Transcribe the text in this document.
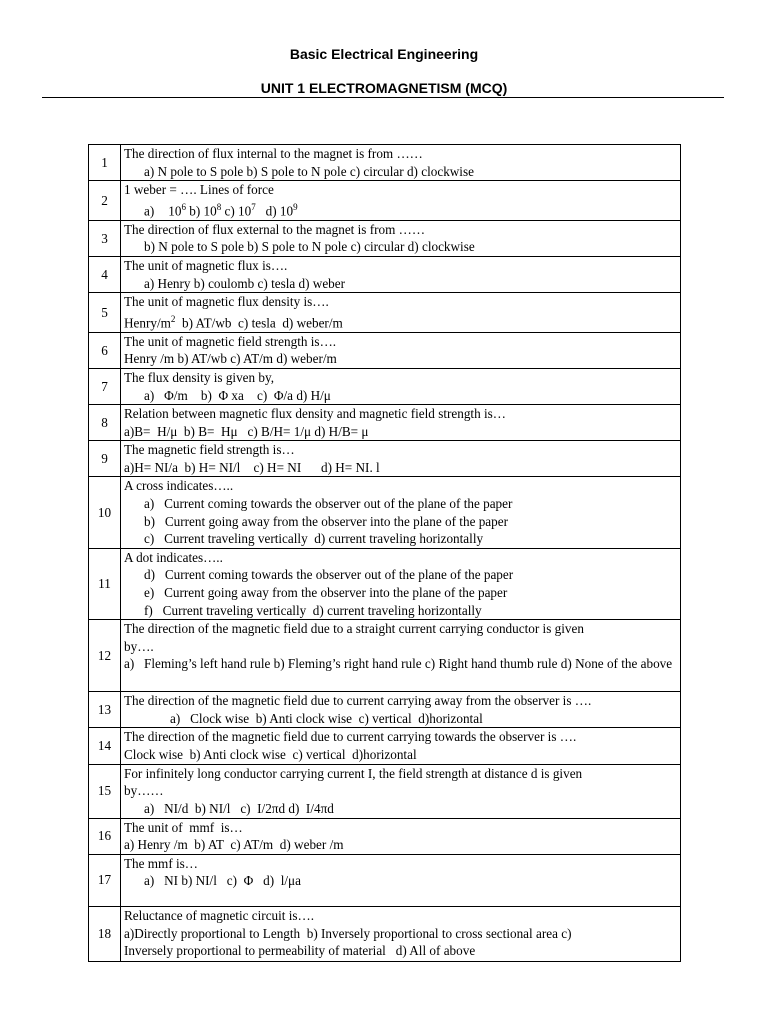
Basic Electrical Engineering
UNIT 1 ELECTROMAGNETISM (MCQ)
1	The direction of flux internal to the magnet is from ……
a) N pole to S pole b) S pole to N pole c) circular d) clockwise

2	1 weber = …. Lines of force
a) $10^6$ b) $10^8$ c) $10^7$   d) $10^9$

3	The direction of flux external to the magnet is from ……
b) N pole to S pole b) S pole to N pole c) circular d) clockwise

4	The unit of magnetic flux is….
a) Henry b) coulomb c) tesla d) weber

5	The unit of magnetic flux density is….
Henry/$m^2$  b) AT/wb  c) tesla  d) weber/m

6	The unit of magnetic field strength is….
Henry /m b) AT/wb c) AT/m d) weber/m

7	The flux density is given by,
a)   Φ/m    b)  Φ xa    c)  Φ/a d) H/μ

8	Relation between magnetic flux density and magnetic field strength is…
a)B=  H/μ  b) B=  Hμ   c) B/H= 1/μ d) H/B= μ

9	The magnetic field strength is…
a)H= NI/a  b) H= NI/l    c) H= NI      d) H= NI. l

10	A cross indicates…..
a)   Current coming towards the observer out of the plane of the paper
b)   Current going away from the observer into the plane of the paper
c)   Current traveling vertically  d) current traveling horizontally

11	A dot indicates…..
d)   Current coming towards the observer out of the plane of the paper
e)   Current going away from the observer into the plane of the paper
f)   Current traveling vertically  d) current traveling horizontally

12	The direction of the magnetic field due to a straight current carrying conductor is given
by….
a) Fleming’s left hand rule b) Fleming’s right hand rule c) Right hand thumb rule d) None of the above

13	The direction of the magnetic field due to current carrying away from the observer is ….
a)   Clock wise  b) Anti clock wise  c) vertical  d)horizontal

14	The direction of the magnetic field due to current carrying towards the observer is ….
Clock wise  b) Anti clock wise  c) vertical  d)horizontal

15	For infinitely long conductor carrying current I, the field strength at distance d is given
by……
a)   NI/d  b) NI/l   c)  I/2πd d)  I/4πd

16	The unit of  mmf  is…
a) Henry /m  b) AT  c) AT/m  d) weber /m

17	The mmf is…
a)   NI b) NI/l   c)  Φ   d)  l/μa

18	Reluctance of magnetic circuit is….
a)Directly proportional to Length  b) Inversely proportional to cross sectional area c)
Inversely proportional to permeability of material   d) All of above
